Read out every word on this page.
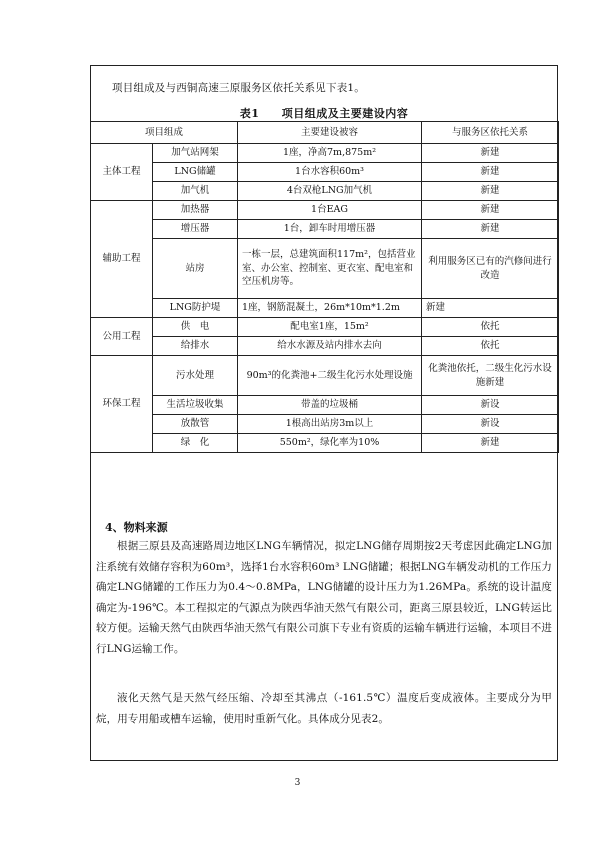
项目组成及与西铜高速三原服务区依托关系见下表1。
表1 项目组成及主要建设内容
项目组成		主要建设被容	与服务区依托关系
主体工程	加气站网架	1座，净高7m,875m²	新建
	LNG储罐	1台水容积60m³	新建
	加气机	4台双枪LNG加气机	新建
辅助工程	加热器	1台EAG	新建
	增压器	1台，卸车时用增压器	新建
	站房	一栋一层，总建筑面积117m²，包括营业室、办公室、控制室、更衣室、配电室和空压机房等。	利用服务区已有的汽修间进行改造
	LNG防护堤	1座，钢筋混凝土，26m*10m*1.2m	新建
公用工程	供　电	配电室1座，15m²	依托
	给排水	给水水源及站内排水去向	依托
环保工程	污水处理	90m³的化粪池+二级生化污水处理设施	化粪池依托，二级生化污水设施新建
	生活垃圾收集	带盖的垃圾桶	新设
	放散管	1根高出站房3m以上	新设
	绿　化	550m²，绿化率为10%	新建
4、物料来源
根据三原县及高速路周边地区LNG车辆情况，拟定LNG储存周期按2天考虑因此确定LNG加注系统有效储存容积为60m³，选择1台水容积60m³ LNG储罐；根据LNG车辆发动机的工作压力确定LNG储罐的工作压力为0.4～0.8MPa，LNG储罐的设计压力为1.26MPa。系统的设计温度确定为-196℃。本工程拟定的气源点为陕西华油天然气有限公司，距离三原县较近，LNG转运比较方便。运输天然气由陕西华油天然气有限公司旗下专业有资质的运输车辆进行运输，本项目不进行LNG运输工作。
液化天然气是天然气经压缩、冷却至其沸点（-161.5℃）温度后变成液体。主要成分为甲烷，用专用船或槽车运输，使用时重新气化。具体成分见表2。
3
